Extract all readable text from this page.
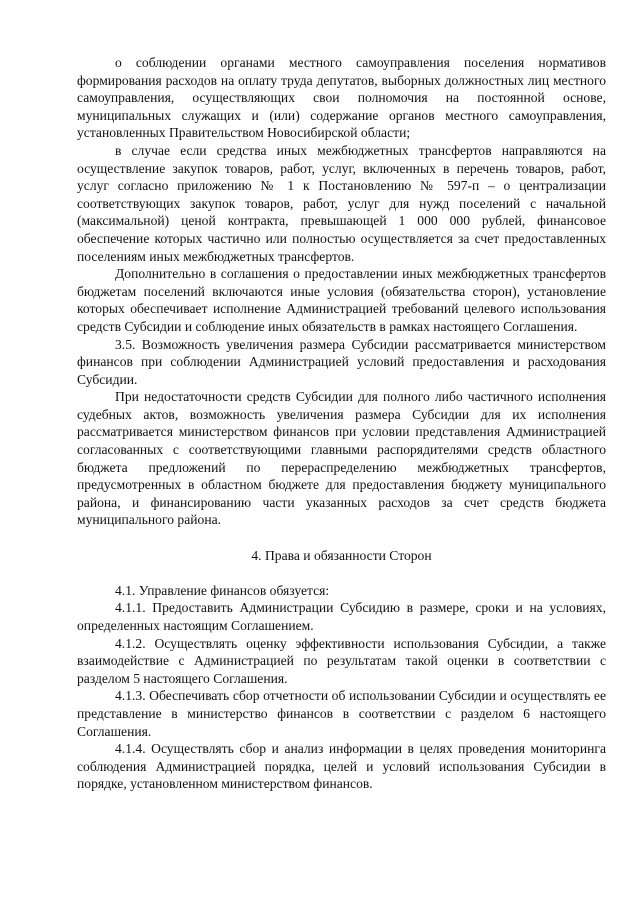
о соблюдении органами местного самоуправления поселения нормативов формирования расходов на оплату труда депутатов, выборных должностных лиц местного самоуправления, осуществляющих свои полномочия на постоянной основе, муниципальных служащих и (или) содержание органов местного самоуправления, установленных Правительством Новосибирской области;

в случае если средства иных межбюджетных трансфертов направляются на осуществление закупок товаров, работ, услуг, включенных в перечень товаров, работ, услуг согласно приложению № 1 к Постановлению № 597-п – о централизации соответствующих закупок товаров, работ, услуг для нужд поселений с начальной (максимальной) ценой контракта, превышающей 1 000 000 рублей, финансовое обеспечение которых частично или полностью осуществляется за счет предоставленных поселениям иных межбюджетных трансфертов.

Дополнительно в соглашения о предоставлении иных межбюджетных трансфертов бюджетам поселений включаются иные условия (обязательства сторон), установление которых обеспечивает исполнение Администрацией требований целевого использования средств Субсидии и соблюдение иных обязательств в рамках настоящего Соглашения.

3.5. Возможность увеличения размера Субсидии рассматривается министерством финансов при соблюдении Администрацией условий предоставления и расходования Субсидии.

При недостаточности средств Субсидии для полного либо частичного исполнения судебных актов, возможность увеличения размера Субсидии для их исполнения рассматривается министерством финансов при условии представления Администрацией согласованных с соответствующими главными распорядителями средств областного бюджета предложений по перераспределению межбюджетных трансфертов, предусмотренных в областном бюджете для предоставления бюджету муниципального района, и финансированию части указанных расходов за счет средств бюджета муниципального района.

4. Права и обязанности Сторон

4.1. Управление финансов обязуется:

4.1.1. Предоставить Администрации Субсидию в размере, сроки и на условиях, определенных настоящим Соглашением.

4.1.2. Осуществлять оценку эффективности использования Субсидии, а также взаимодействие с Администрацией по результатам такой оценки в соответствии с разделом 5 настоящего Соглашения.

4.1.3. Обеспечивать сбор отчетности об использовании Субсидии и осуществлять ее представление в министерство финансов в соответствии с разделом 6 настоящего Соглашения.

4.1.4. Осуществлять сбор и анализ информации в целях проведения мониторинга соблюдения Администрацией порядка, целей и условий использования Субсидии в порядке, установленном министерством финансов.
